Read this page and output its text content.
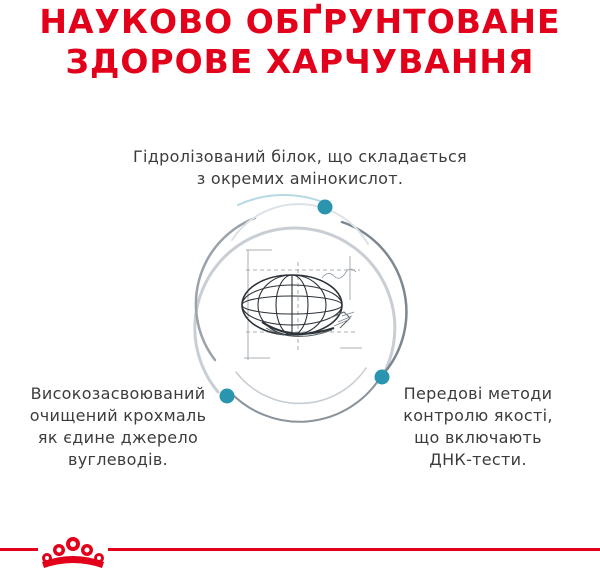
НАУКОВО ОБҐРУНТОВАНЕ
ЗДОРОВЕ ХАРЧУВАННЯ
Гідролізований білок, що складається
з окремих амінокислот.
Високозасвоюваний
очищений крохмаль
як єдине джерело
вуглеводів.
Передові методи
контролю якості,
що включають
ДНК-тести.
